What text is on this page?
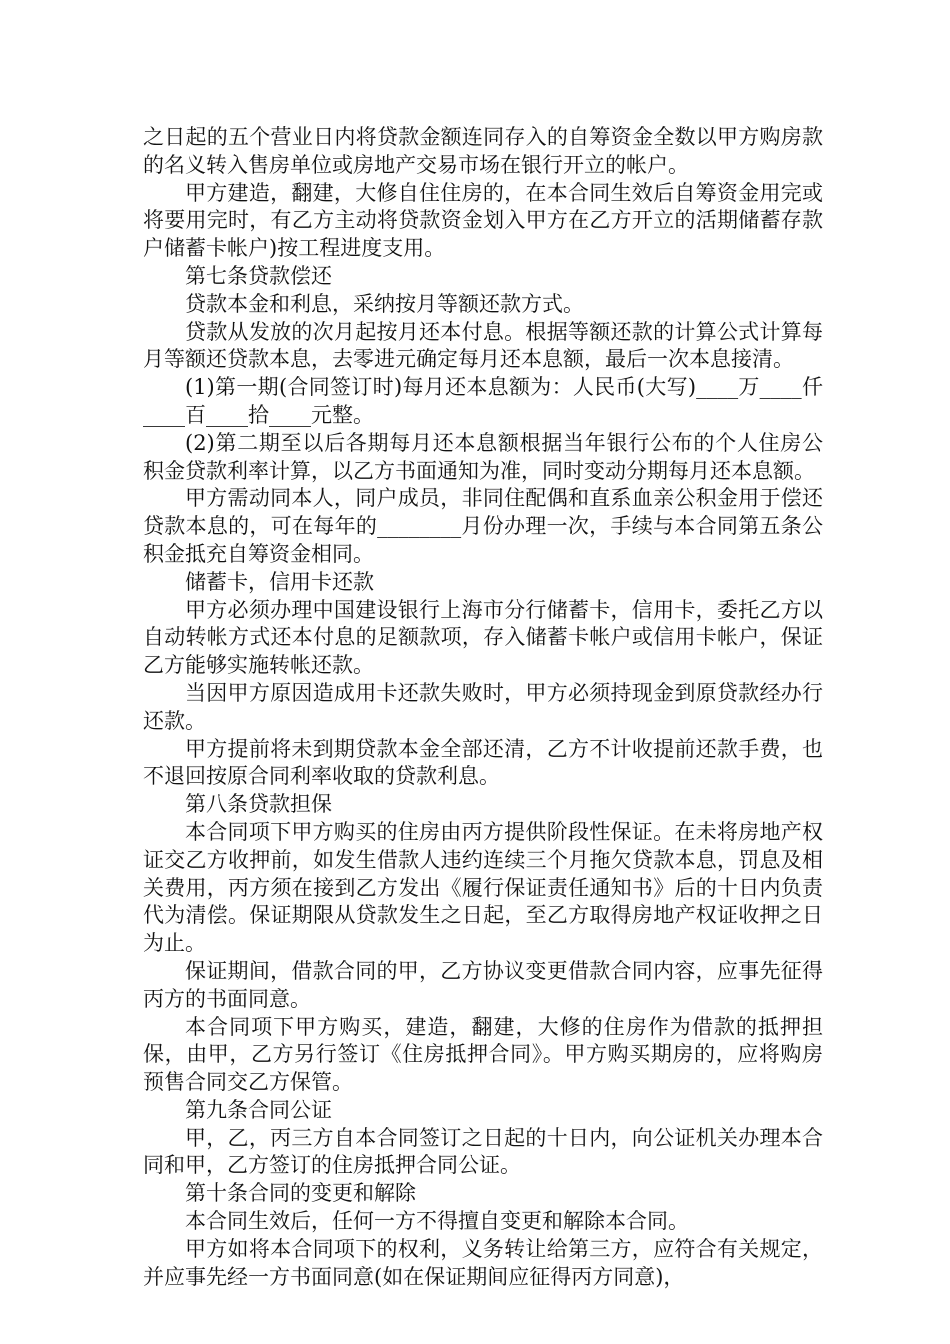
之日起的五个营业日内将贷款金额连同存入的自筹资金全数以甲方购房款的名义转入售房单位或房地产交易市场在银行开立的帐户。

甲方建造，翻建，大修自住住房的，在本合同生效后自筹资金用完或将要用完时，有乙方主动将贷款资金划入甲方在乙方开立的活期储蓄存款户储蓄卡帐户)按工程进度支用。

第七条贷款偿还

贷款本金和利息，采纳按月等额还款方式。

贷款从发放的次月起按月还本付息。根据等额还款的计算公式计算每月等额还贷款本息，去零进元确定每月还本息额，最后一次本息接清。

(1)第一期(合同签订时)每月还本息额为：人民币(大写)____万____仟____百____拾____元整。

(2)第二期至以后各期每月还本息额根据当年银行公布的个人住房公积金贷款利率计算，以乙方书面通知为准，同时变动分期每月还本息额。

甲方需动同本人，同户成员，非同住配偶和直系血亲公积金用于偿还贷款本息的，可在每年的________月份办理一次，手续与本合同第五条公积金抵充自筹资金相同。

储蓄卡，信用卡还款

甲方必须办理中国建设银行上海市分行储蓄卡，信用卡，委托乙方以自动转帐方式还本付息的足额款项，存入储蓄卡帐户或信用卡帐户，保证乙方能够实施转帐还款。

当因甲方原因造成用卡还款失败时，甲方必须持现金到原贷款经办行还款。

甲方提前将未到期贷款本金全部还清，乙方不计收提前还款手费，也不退回按原合同利率收取的贷款利息。

第八条贷款担保

本合同项下甲方购买的住房由丙方提供阶段性保证。在未将房地产权证交乙方收押前，如发生借款人违约连续三个月拖欠贷款本息，罚息及相关费用，丙方须在接到乙方发出《履行保证责任通知书》后的十日内负责代为清偿。保证期限从贷款发生之日起，至乙方取得房地产权证收押之日为止。

保证期间，借款合同的甲，乙方协议变更借款合同内容，应事先征得丙方的书面同意。

本合同项下甲方购买，建造，翻建，大修的住房作为借款的抵押担保，由甲，乙方另行签订《住房抵押合同》。甲方购买期房的，应将购房预售合同交乙方保管。

第九条合同公证

甲，乙，丙三方自本合同签订之日起的十日内，向公证机关办理本合同和甲，乙方签订的住房抵押合同公证。

第十条合同的变更和解除

本合同生效后，任何一方不得擅自变更和解除本合同。

甲方如将本合同项下的权利，义务转让给第三方，应符合有关规定，并应事先经一方书面同意(如在保证期间应征得丙方同意)，
